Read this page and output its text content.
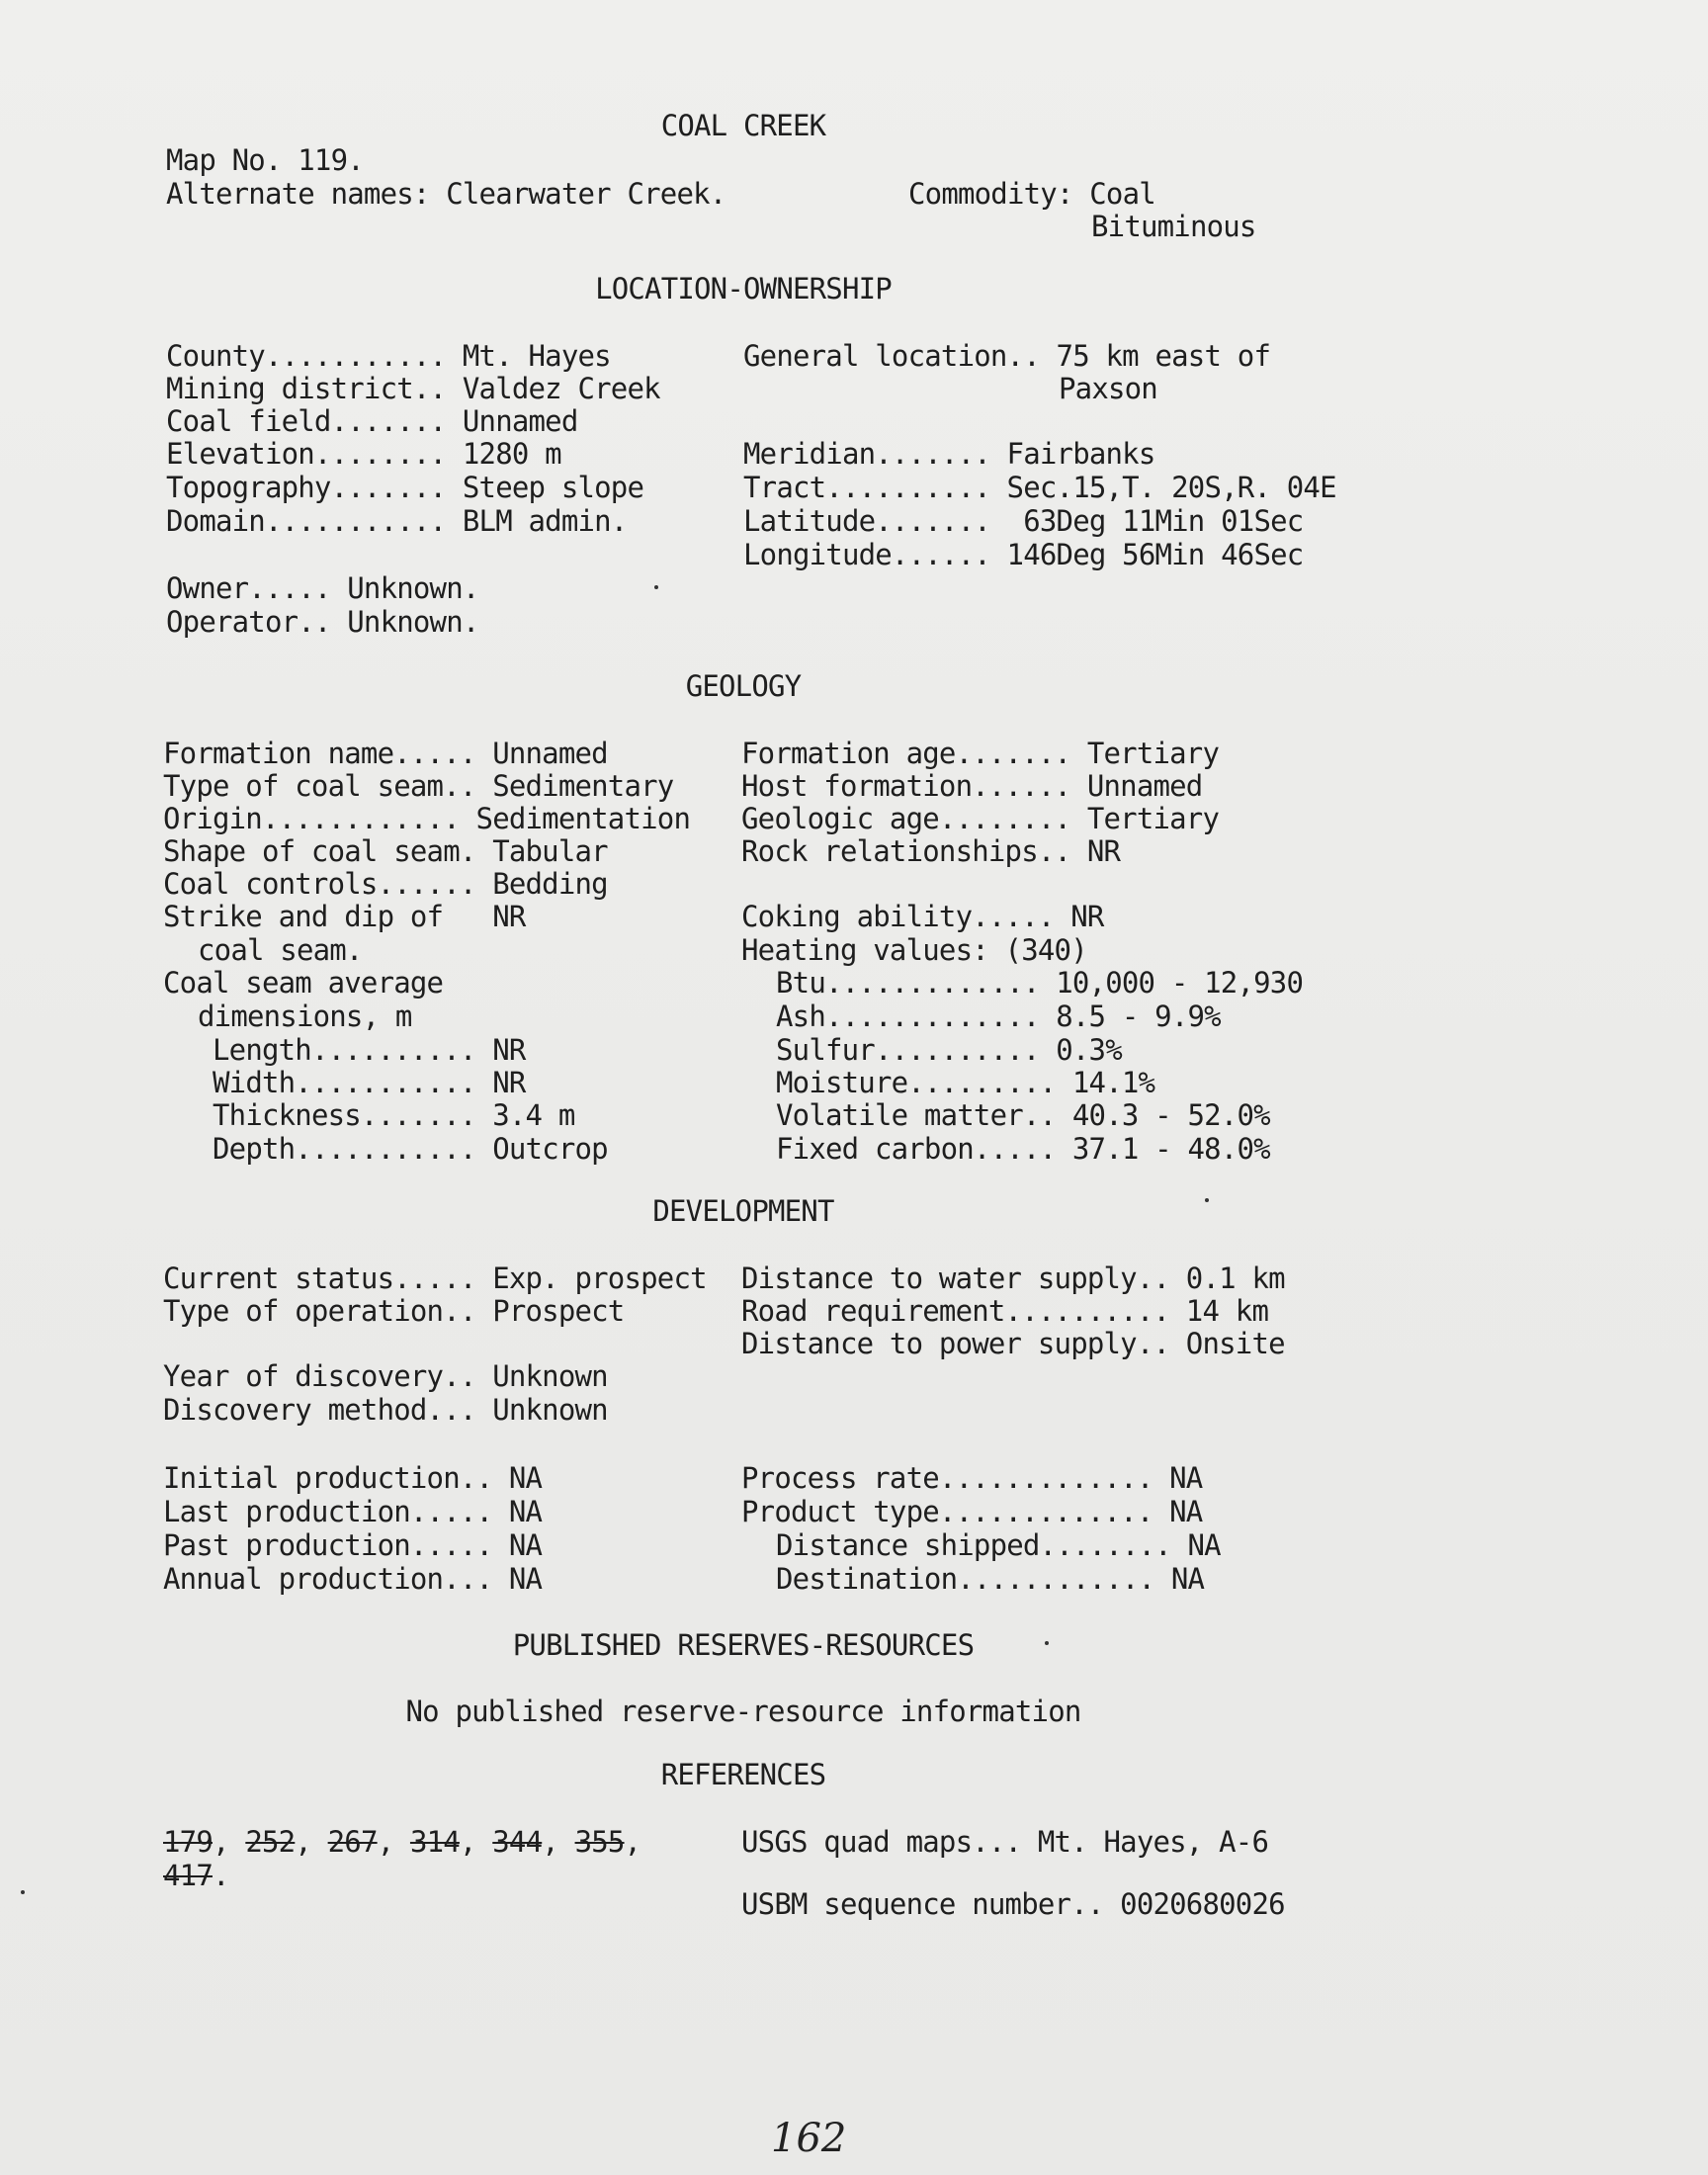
COAL CREEK
Map No. 119.
Alternate names: Clearwater Creek.	Commodity: Coal
Bituminous
LOCATION-OWNERSHIP
County........... Mt. Hayes
Mining district.. Valdez Creek
Coal field....... Unnamed
Elevation........ 1280 m
Topography....... Steep slope
Domain........... BLM admin.
General location.. 75 km east of
Paxson
Meridian....... Fairbanks
Tract.......... Sec.15,T. 20S,R. 04E
Latitude.......  63Deg 11Min 01Sec
Longitude...... 146Deg 56Min 46Sec
Owner..... Unknown.
Operator.. Unknown.
GEOLOGY
Formation name..... Unnamed
Type of coal seam.. Sedimentary
Origin............ Sedimentation
Shape of coal seam. Tabular
Coal controls...... Bedding
Strike and dip of   NR
coal seam.
Coal seam average
dimensions, m
Length.......... NR
Width........... NR
Thickness....... 3.4 m
Depth........... Outcrop
Formation age....... Tertiary
Host formation...... Unnamed
Geologic age........ Tertiary
Rock relationships.. NR
Coking ability..... NR
Heating values: (340)
Btu............. 10,000 - 12,930
Ash............. 8.5 - 9.9%
Sulfur.......... 0.3%
Moisture......... 14.1%
Volatile matter.. 40.3 - 52.0%
Fixed carbon..... 37.1 - 48.0%
DEVELOPMENT
Current status..... Exp. prospect
Type of operation.. Prospect
Year of discovery.. Unknown
Discovery method... Unknown
Distance to water supply.. 0.1 km
Road requirement.......... 14 km
Distance to power supply.. Onsite
Initial production.. NA
Last production..... NA
Past production..... NA
Annual production... NA
Process rate............. NA
Product type............. NA
Distance shipped........ NA
Destination............ NA
PUBLISHED RESERVES-RESOURCES
No published reserve-resource information
REFERENCES
179, 252, 267, 314, 344, 355,
417.
USGS quad maps... Mt. Hayes, A-6
USBM sequence number.. 0020680026
162
